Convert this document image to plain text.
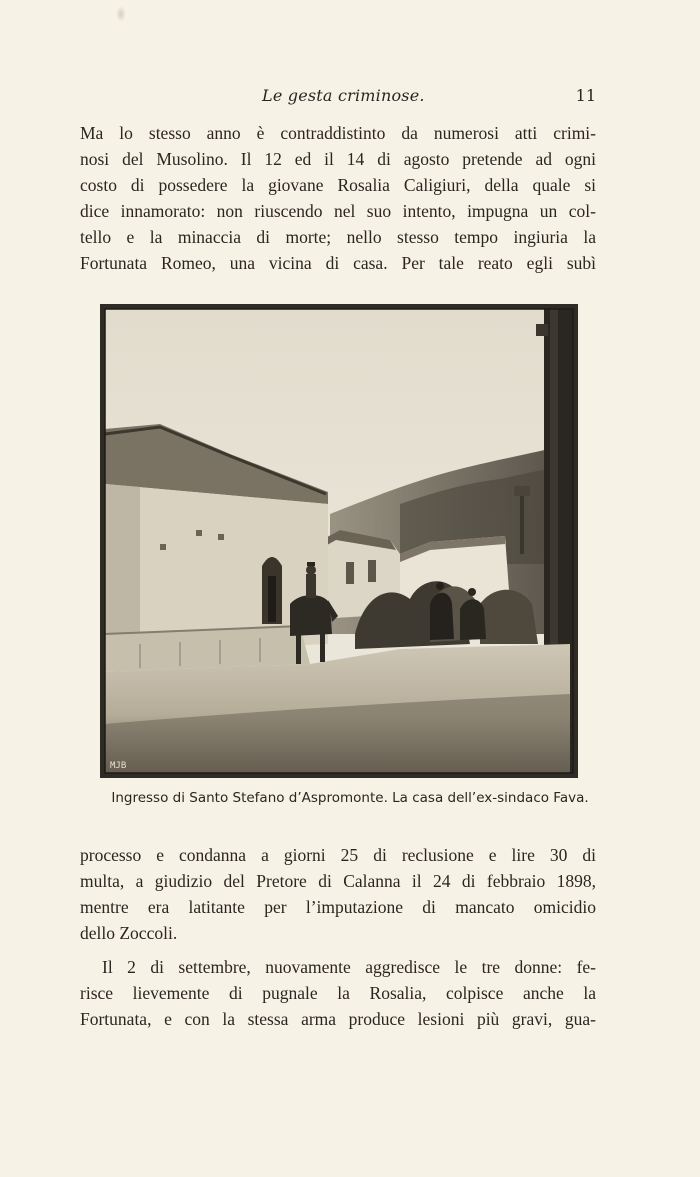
Le gesta criminose.	11
Ma lo stesso anno è contraddistinto da numerosi atti crimi-
nosi del Musolino. Il 12 ed il 14 di agosto pretende ad ogni
costo di possedere la giovane Rosalia Caligiuri, della quale si
dice innamorato: non riuscendo nel suo intento, impugna un col-
tello e la minaccia di morte; nello stesso tempo ingiuria la
Fortunata Romeo, una vicina di casa. Per tale reato egli subì
MJB
Ingresso di Santo Stefano d’Aspromonte. La casa dell’ex-sindaco Fava.
processo e condanna a giorni 25 di reclusione e lire 30 di
multa, a giudizio del Pretore di Calanna il 24 di febbraio 1898,
mentre era latitante per l’imputazione di mancato omicidio
dello Zoccoli.
Il 2 di settembre, nuovamente aggredisce le tre donne: fe-
risce lievemente di pugnale la Rosalia, colpisce anche la
Fortunata, e con la stessa arma produce lesioni più gravi, gua-
